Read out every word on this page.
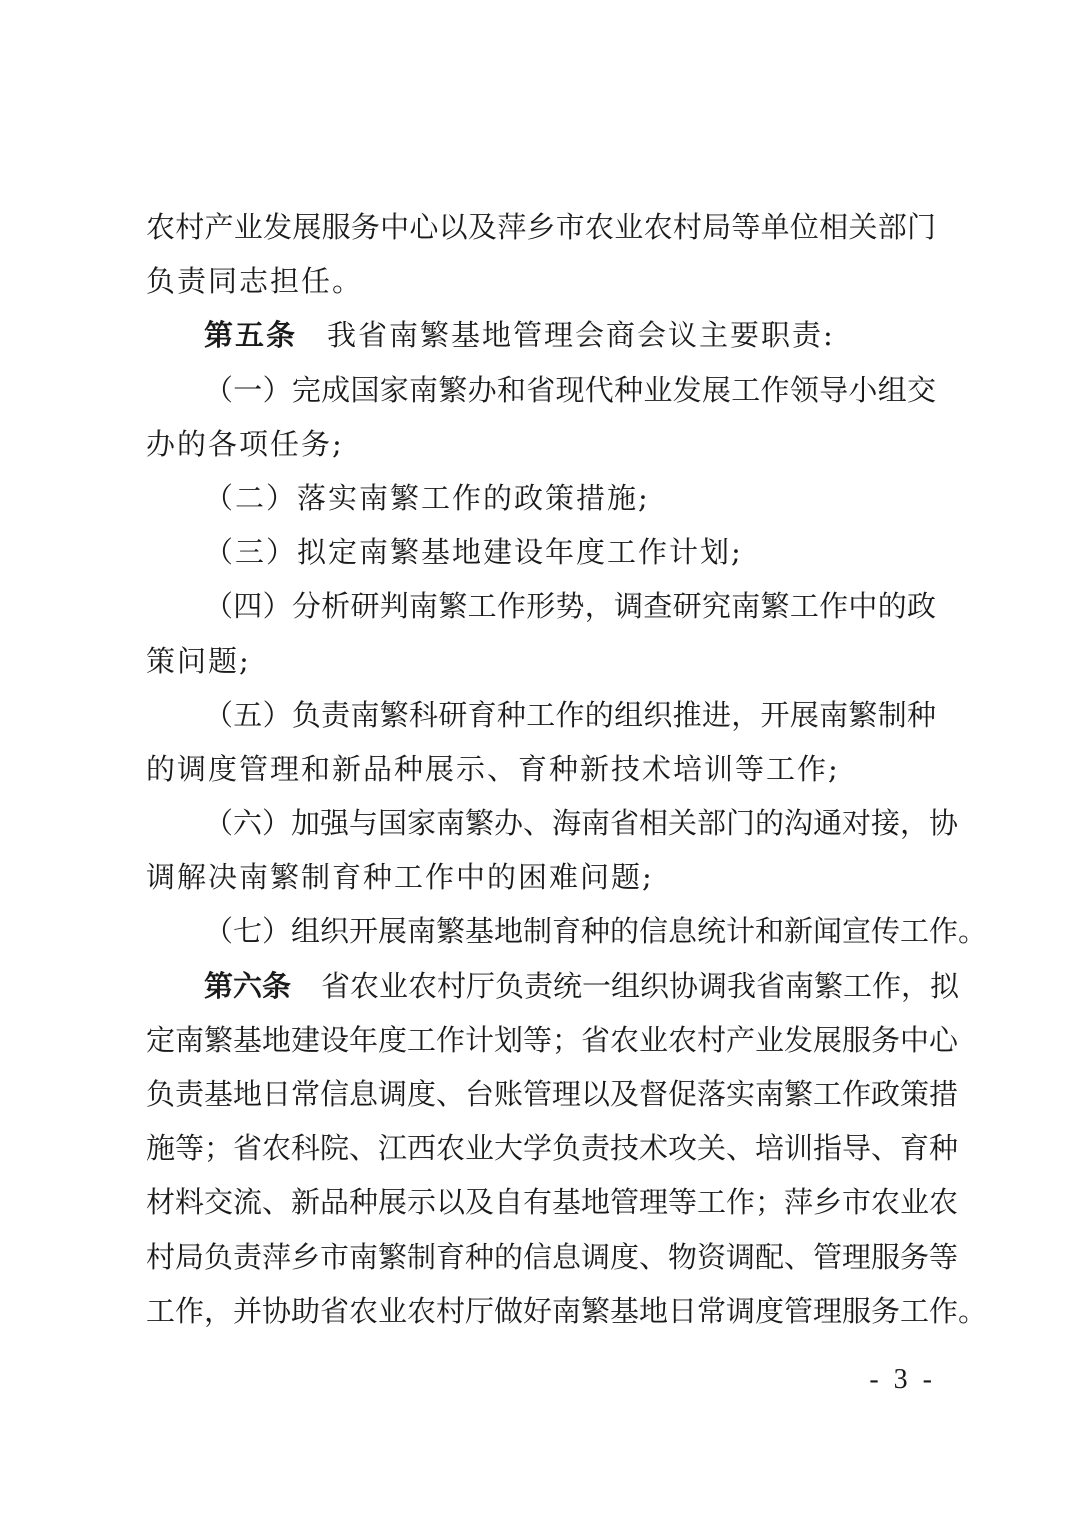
农村产业发展服务中心以及萍乡市农业农村局等单位相关部门
负责同志担任。
第五条 我省南繁基地管理会商会议主要职责:
（一）完成国家南繁办和省现代种业发展工作领导小组交
办的各项任务;
（二）落实南繁工作的政策措施;
（三）拟定南繁基地建设年度工作计划;
（四）分析研判南繁工作形势，调查研究南繁工作中的政
策问题;
（五）负责南繁科研育种工作的组织推进，开展南繁制种
的调度管理和新品种展示、育种新技术培训等工作;
（六）加强与国家南繁办、海南省相关部门的沟通对接，协
调解决南繁制育种工作中的困难问题;
（七）组织开展南繁基地制育种的信息统计和新闻宣传工作。
第六条 省农业农村厅负责统一组织协调我省南繁工作，拟
定南繁基地建设年度工作计划等；省农业农村产业发展服务中心
负责基地日常信息调度、台账管理以及督促落实南繁工作政策措
施等；省农科院、江西农业大学负责技术攻关、培训指导、育种
材料交流、新品种展示以及自有基地管理等工作；萍乡市农业农
村局负责萍乡市南繁制育种的信息调度、物资调配、管理服务等
工作，并协助省农业农村厅做好南繁基地日常调度管理服务工作。
- 3 -
